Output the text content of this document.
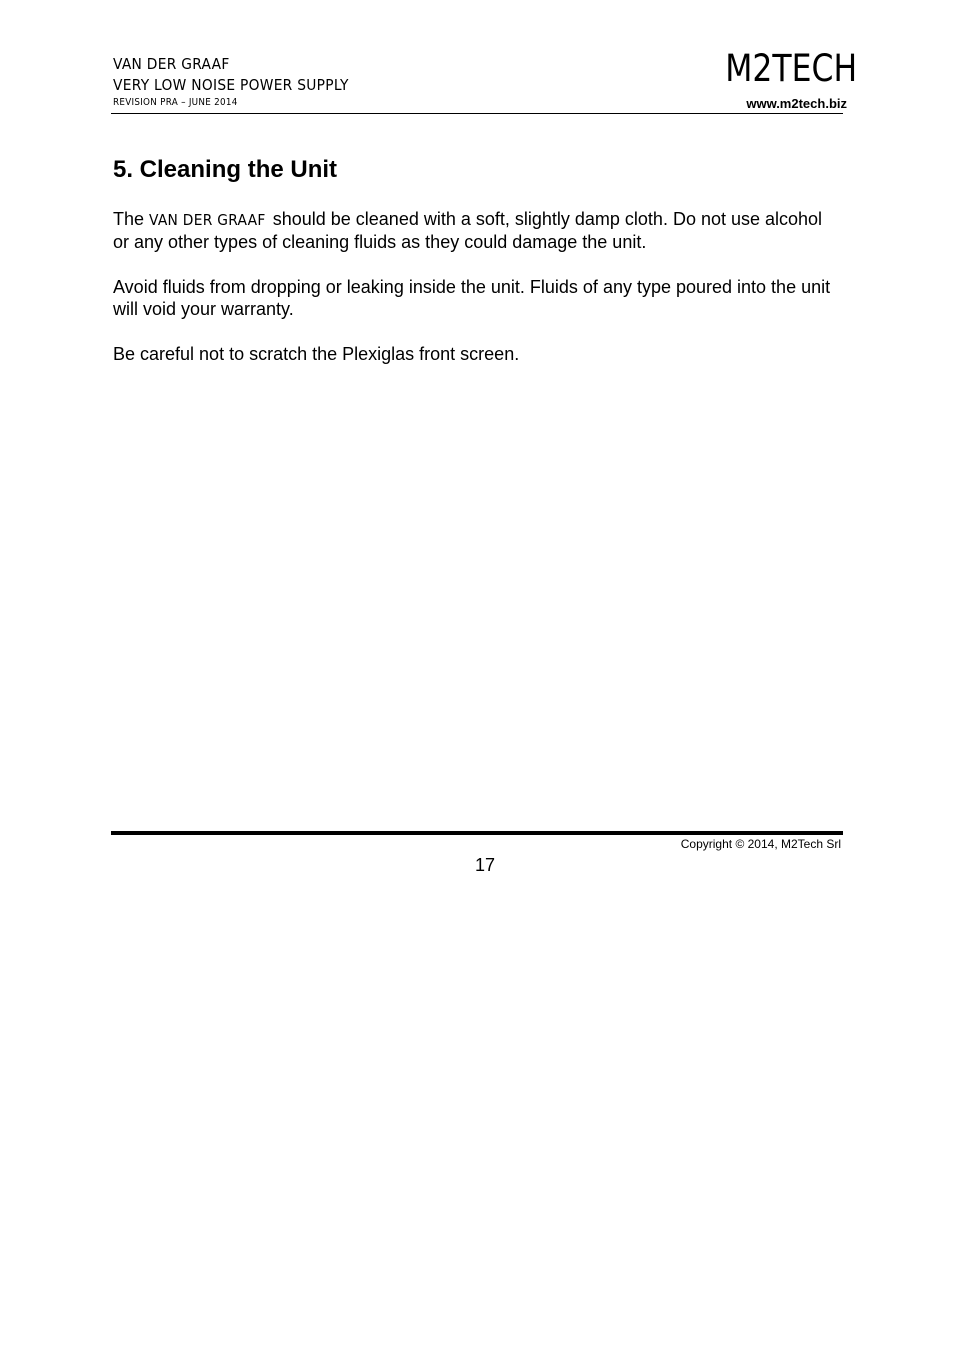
VAN DER GRAAF
VERY LOW NOISE POWER SUPPLY
REVISION PRA – JUNE 2014
M2TECH
www.m2tech.biz
5. Cleaning the Unit

The VAN DER GRAAF should be cleaned with a soft, slightly damp cloth. Do not use alcohol or any other types of cleaning fluids as they could damage the unit.

Avoid fluids from dropping or leaking inside the unit. Fluids of any type poured into the unit will void your warranty.

Be careful not to scratch the Plexiglas front screen.

Copyright © 2014, M2Tech Srl
17
